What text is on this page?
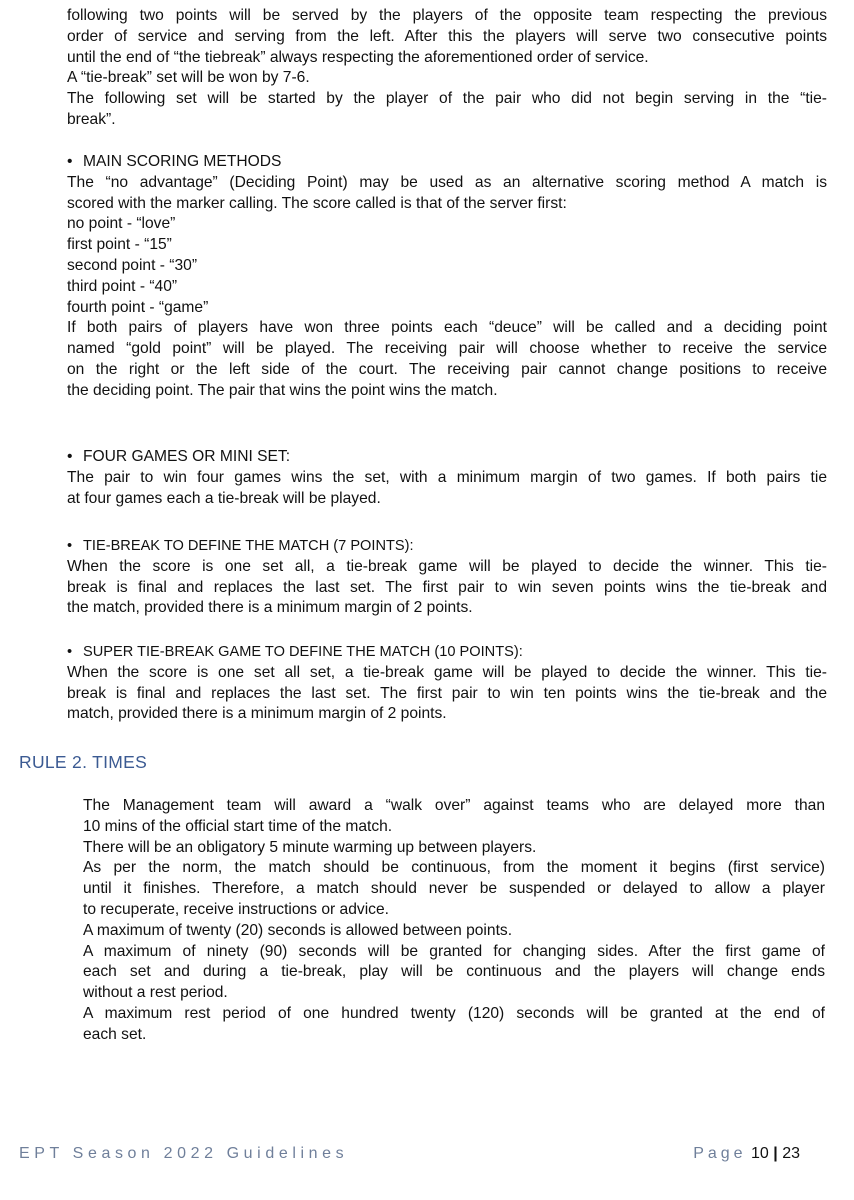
following two points will be served by the players of the opposite team respecting the previous
order of service and serving from the left. After this the players will serve two consecutive points
until the end of “the tiebreak” always respecting the aforementioned order of service.
A “tie-break” set will be won by 7-6.
The following set will be started by the player of the pair who did not begin serving in the “tie-
break”.
• MAIN SCORING METHODS
The “no advantage” (Deciding Point) may be used as an alternative scoring method A match is
scored with the marker calling. The score called is that of the server first:
no point - “love”
first point - “15”
second point - “30”
third point - “40”
fourth point - “game”
If both pairs of players have won three points each “deuce” will be called and a deciding point
named “gold point” will be played. The receiving pair will choose whether to receive the service
on the right or the left side of the court. The receiving pair cannot change positions to receive
the deciding point. The pair that wins the point wins the match.
• FOUR GAMES OR MINI SET:
The pair to win four games wins the set, with a minimum margin of two games. If both pairs tie
at four games each a tie-break will be played.
• TIE-BREAK TO DEFINE THE MATCH (7 POINTS):
When the score is one set all, a tie-break game will be played to decide the winner. This tie-
break is final and replaces the last set. The first pair to win seven points wins the tie-break and
the match, provided there is a minimum margin of 2 points.
• SUPER TIE-BREAK GAME TO DEFINE THE MATCH (10 POINTS):
When the score is one set all set, a tie-break game will be played to decide the winner. This tie-
break is final and replaces the last set. The first pair to win ten points wins the tie-break and the
match, provided there is a minimum margin of 2 points.
RULE 2. TIMES
The Management team will award a “walk over” against teams who are delayed more than
10 mins of the official start time of the match.
There will be an obligatory 5 minute warming up between players.
As per the norm, the match should be continuous, from the moment it begins (first service)
until it finishes. Therefore, a match should never be suspended or delayed to allow a player
to recuperate, receive instructions or advice.
A maximum of twenty (20) seconds is allowed between points.
A maximum of ninety (90) seconds will be granted for changing sides. After the first game of
each set and during a tie-break, play will be continuous and the players will change ends
without a rest period.
A maximum rest period of one hundred twenty (120) seconds will be granted at the end of
each set.
EPT Season 2022 Guidelines	Page 10 | 23
